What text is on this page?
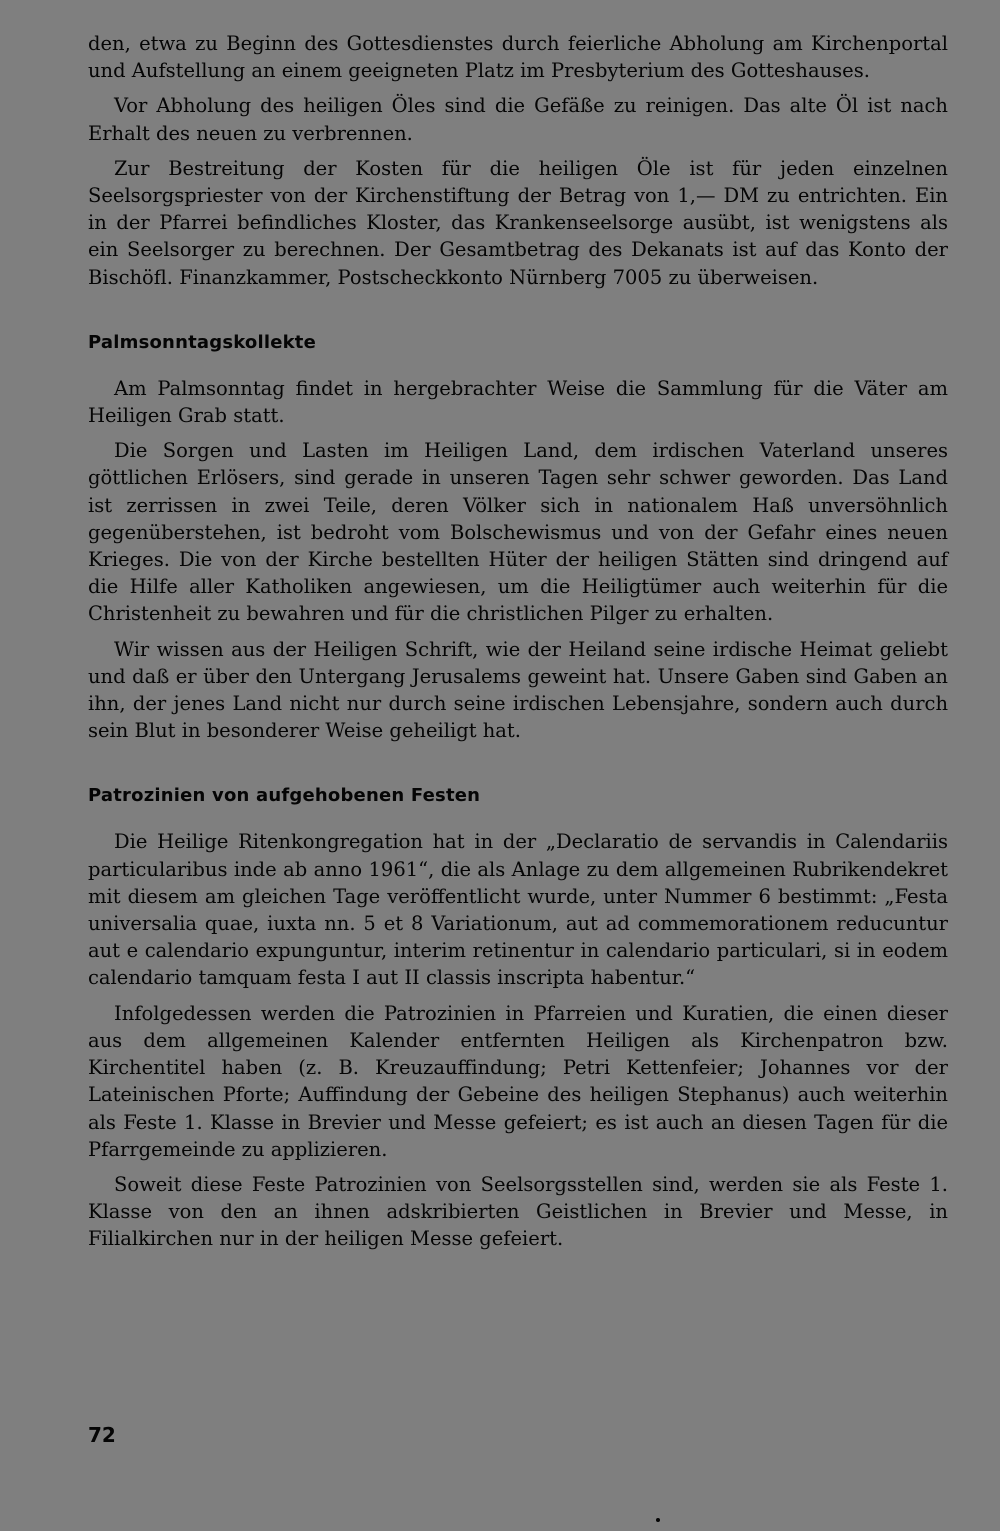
den, etwa zu Beginn des Gottesdienstes durch feierliche Abholung am Kirchenportal und Aufstellung an einem geeigneten Platz im Presbyterium des Gotteshauses.

Vor Abholung des heiligen Öles sind die Gefäße zu reinigen. Das alte Öl ist nach Erhalt des neuen zu verbrennen.

Zur Bestreitung der Kosten für die heiligen Öle ist für jeden einzelnen Seelsorgspriester von der Kirchenstiftung der Betrag von 1,— DM zu entrichten. Ein in der Pfarrei befindliches Kloster, das Krankenseelsorge ausübt, ist wenigstens als ein Seelsorger zu berechnen. Der Gesamtbetrag des Dekanats ist auf das Konto der Bischöfl. Finanzkammer, Postscheckkonto Nürnberg 7005 zu überweisen.

Palmsonntagskollekte

Am Palmsonntag findet in hergebrachter Weise die Sammlung für die Väter am Heiligen Grab statt.

Die Sorgen und Lasten im Heiligen Land, dem irdischen Vaterland unseres göttlichen Erlösers, sind gerade in unseren Tagen sehr schwer geworden. Das Land ist zerrissen in zwei Teile, deren Völker sich in nationalem Haß unversöhnlich gegenüberstehen, ist bedroht vom Bolschewismus und von der Gefahr eines neuen Krieges. Die von der Kirche bestellten Hüter der heiligen Stätten sind dringend auf die Hilfe aller Katholiken angewiesen, um die Heiligtümer auch weiterhin für die Christenheit zu bewahren und für die christlichen Pilger zu erhalten.

Wir wissen aus der Heiligen Schrift, wie der Heiland seine irdische Heimat geliebt und daß er über den Untergang Jerusalems geweint hat. Unsere Gaben sind Gaben an ihn, der jenes Land nicht nur durch seine irdischen Lebensjahre, sondern auch durch sein Blut in besonderer Weise geheiligt hat.

Patrozinien von aufgehobenen Festen

Die Heilige Ritenkongregation hat in der „Declaratio de servandis in Calendariis particularibus inde ab anno 1961“, die als Anlage zu dem allgemeinen Rubrikendekret mit diesem am gleichen Tage veröffentlicht wurde, unter Nummer 6 bestimmt: „Festa universalia quae, iuxta nn. 5 et 8 Variationum, aut ad commemorationem reducuntur aut e calendario expunguntur, interim retinentur in calendario particulari, si in eodem calendario tamquam festa I aut II classis inscripta habentur.“

Infolgedessen werden die Patrozinien in Pfarreien und Kuratien, die einen dieser aus dem allgemeinen Kalender entfernten Heiligen als Kirchenpatron bzw. Kirchentitel haben (z. B. Kreuzauffindung; Petri Kettenfeier; Johannes vor der Lateinischen Pforte; Auffindung der Gebeine des heiligen Stephanus) auch weiterhin als Feste 1. Klasse in Brevier und Messe gefeiert; es ist auch an diesen Tagen für die Pfarrgemeinde zu applizieren.

Soweit diese Feste Patrozinien von Seelsorgsstellen sind, werden sie als Feste 1. Klasse von den an ihnen adskribierten Geistlichen in Brevier und Messe, in Filialkirchen nur in der heiligen Messe gefeiert.

72
